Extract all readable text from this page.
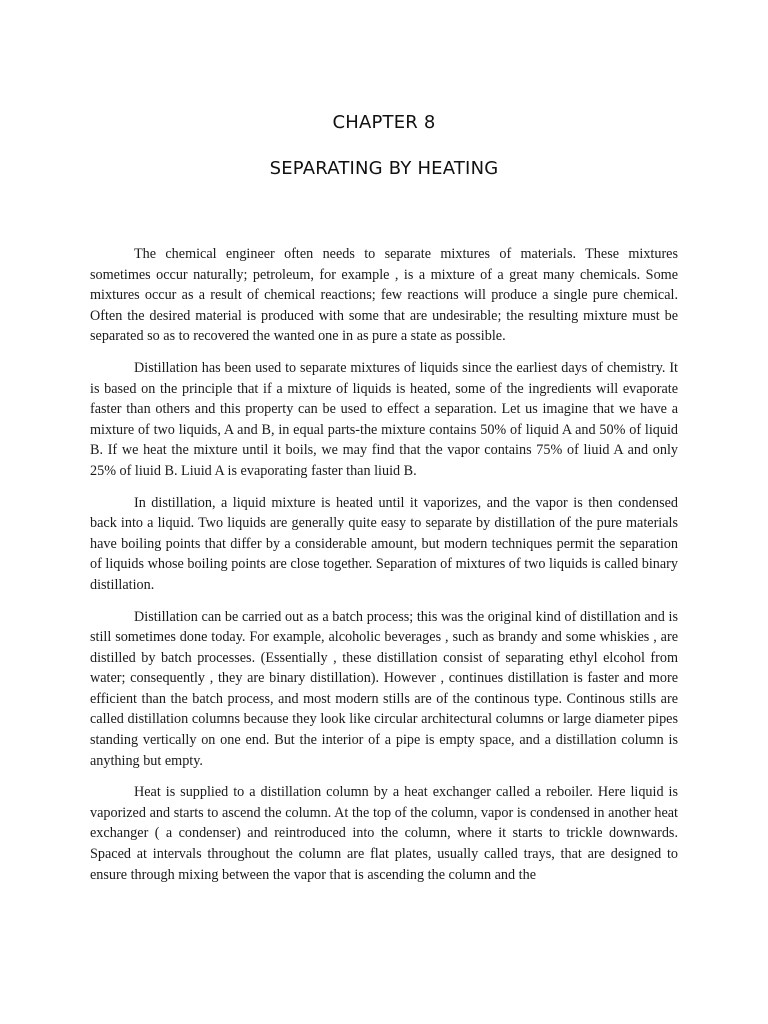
CHAPTER 8
SEPARATING BY HEATING

The chemical engineer often needs to separate mixtures of materials. These mixtures sometimes occur naturally; petroleum, for example , is a mixture of a great many chemicals. Some mixtures occur as a result of chemical reactions; few reactions will produce a single pure chemical. Often the desired material is produced with some that are undesirable; the resulting mixture must be separated so as to recovered the wanted one in as pure a state as possible.

Distillation has been used to separate mixtures of liquids since the earliest days of chemistry. It is based on the principle that if a mixture of liquids is heated, some of the ingredients will evaporate faster than others and this property can be used to effect a separation. Let us imagine that we have a mixture of two liquids, A and B, in equal parts-the mixture contains 50% of liquid A and 50% of liquid B. If we heat the mixture until it boils, we may find that the vapor contains 75% of liuid A and only 25% of liuid B. Liuid A is evaporating faster than liuid B.

In distillation, a liquid mixture is heated until it vaporizes, and the vapor is then condensed back into a liquid. Two liquids are generally quite easy to separate by distillation of the pure materials have boiling points that differ by a considerable amount, but modern techniques permit the separation of liquids whose boiling points are close together. Separation of mixtures of two liquids is called binary distillation.

Distillation can be carried out as a batch process; this was the original kind of distillation and is still sometimes done today. For example, alcoholic beverages , such as brandy and some whiskies , are distilled by batch processes. (Essentially , these distillation consist of separating ethyl elcohol from water; consequently , they are binary distillation). However , continues distillation is faster and more efficient than the batch process, and most modern stills are of the continous type. Continous stills are called distillation columns because they look like circular architectural columns or large diameter pipes standing vertically on one end. But the interior of a pipe is empty space, and a distillation column is anything but empty.

Heat is supplied to a distillation column by a heat exchanger called a reboiler. Here liquid is vaporized and starts to ascend the column. At the top of the column, vapor is condensed in another heat exchanger ( a condenser) and reintroduced into the column, where it starts to trickle downwards. Spaced at intervals throughout the column are flat plates, usually called trays, that are designed to ensure through mixing between the vapor that is ascending the column and the
